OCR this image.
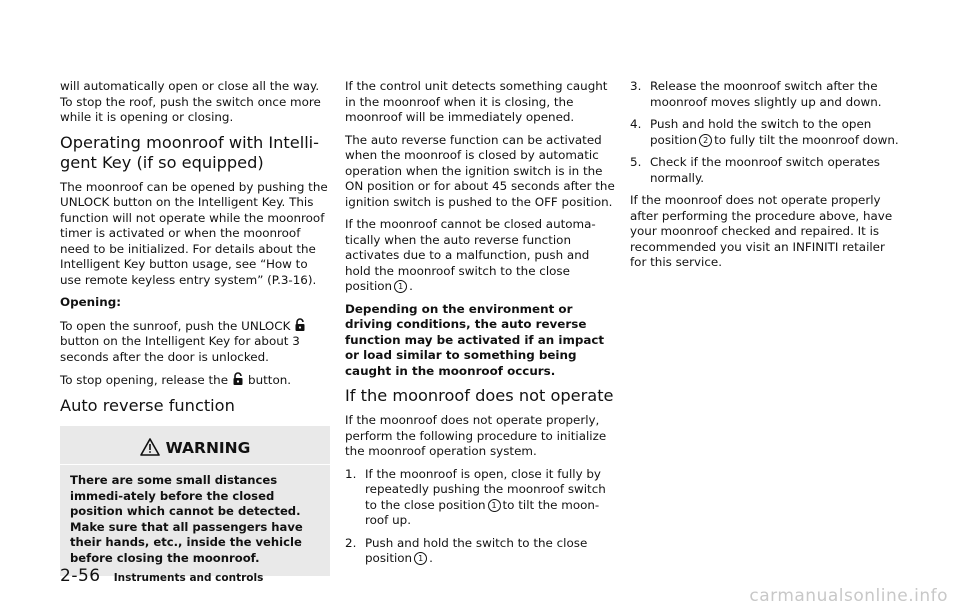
will automatically open or close all the way. To stop the roof, push the switch once more while it is opening or closing.

Operating moonroof with Intelli-gent Key (if so equipped)

The moonroof can be opened by pushing the UNLOCK button on the Intelligent Key. This function will not operate while the moonroof timer is activated or when the moonroof need to be initialized. For details about the Intelligent Key button usage, see “How to use remote keyless entry system” (P.3-16).

Opening:

To open the sunroof, push the UNLOCKbutton on the Intelligent Key for about 3 seconds after the door is unlocked.

To stop opening, release the button.

Auto reverse function
WARNING
There are some small distances immedi-ately before the closed position which cannot be detected. Make sure that all passengers have their hands, etc., inside the vehicle before closing the moonroof.

If the control unit detects something caught in the moonroof when it is closing, the moonroof will be immediately opened.

The auto reverse function can be activated when the moonroof is closed by automatic operation when the ignition switch is in the ON position or for about 45 seconds after the ignition switch is pushed to the OFF position.

If the moonroof cannot be closed automa-tically when the auto reverse function activates due to a malfunction, push and hold the moonroof switch to the close position 1 .

Depending on the environment or driving conditions, the auto reverse function may be activated if an impact or load similar to something being caught in the moonroof occurs.

If the moonroof does not operate

If the moonroof does not operate properly, perform the following procedure to initialize the moonroof operation system.

1. If the moonroof is open, close it fully by repeatedly pushing the moonroof switch to the close position 1 to tilt the moon-roof up.
2. Push and hold the switch to the close position 1 .
3. Release the moonroof switch after the moonroof moves slightly up and down.
4. Push and hold the switch to the open position 2 to fully tilt the moonroof down.
5. Check if the moonroof switch operates normally.

If the moonroof does not operate properly after performing the procedure above, have your moonroof checked and repaired. It is recommended you visit an INFINITI retailer for this service.

2-56 Instruments and controls
carmanualsonline.info
